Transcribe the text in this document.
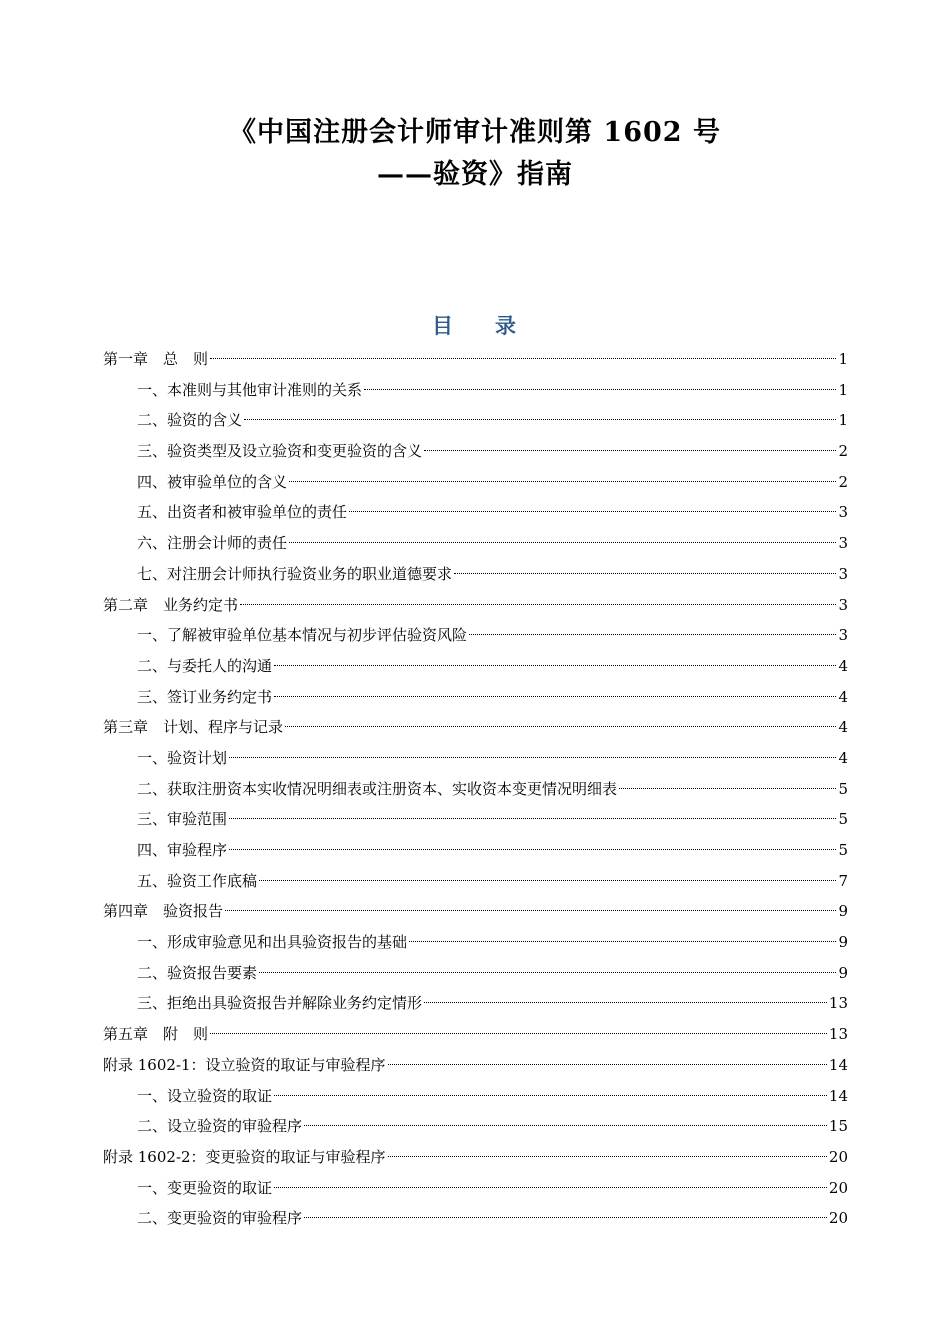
《中国注册会计师审计准则第 1602 号

——验资》指南

目 录
第一章　总　则	1
一、本准则与其他审计准则的关系	1
二、验资的含义	1
三、验资类型及设立验资和变更验资的含义	2
四、被审验单位的含义	2
五、出资者和被审验单位的责任	3
六、注册会计师的责任	3
七、对注册会计师执行验资业务的职业道德要求	3
第二章　业务约定书	3
一、了解被审验单位基本情况与初步评估验资风险	3
二、与委托人的沟通	4
三、签订业务约定书	4
第三章　计划、程序与记录	4
一、验资计划	4
二、获取注册资本实收情况明细表或注册资本、实收资本变更情况明细表	5
三、审验范围	5
四、审验程序	5
五、验资工作底稿	7
第四章　验资报告	9
一、形成审验意见和出具验资报告的基础	9
二、验资报告要素	9
三、拒绝出具验资报告并解除业务约定情形	13
第五章　附　则	13
附录 1602-1：设立验资的取证与审验程序	14
一、设立验资的取证	14
二、设立验资的审验程序	15
附录 1602-2：变更验资的取证与审验程序	20
一、变更验资的取证	20
二、变更验资的审验程序	20
